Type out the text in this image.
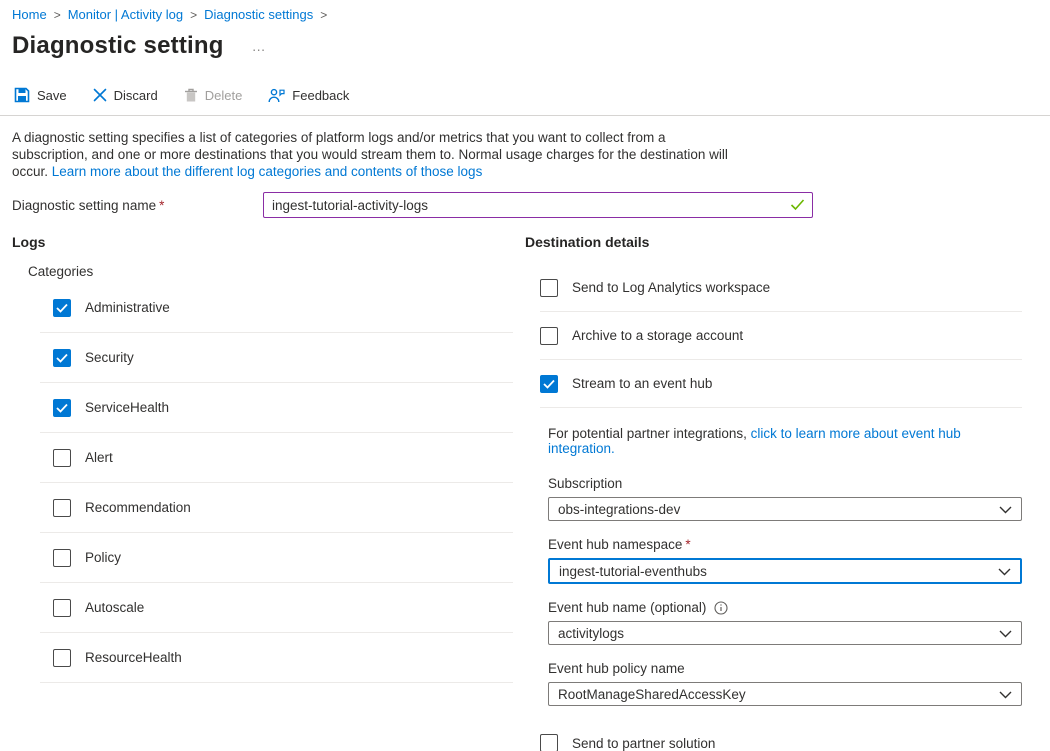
Home > Monitor | Activity log > Diagnostic settings >
Diagnostic setting …
Save	Discard	Delete	Feedback

A diagnostic setting specifies a list of categories of platform logs and/or metrics that you want to collect from a subscription, and one or more destinations that you would stream them to. Normal usage charges for the destination will occur. Learn more about the different log categories and contents of those logs

Diagnostic setting name *
ingest-tutorial-activity-logs
Logs
Categories
Administrative
Security
ServiceHealth
Alert
Recommendation
Policy
Autoscale
ResourceHealth
Destination details
Send to Log Analytics workspace
Archive to a storage account
Stream to an event hub
For potential partner integrations, click to learn more about event hub integration.
Subscription
obs-integrations-dev
Event hub namespace *
ingest-tutorial-eventhubs
Event hub name (optional)
activitylogs
Event hub policy name
RootManageSharedAccessKey
Send to partner solution
